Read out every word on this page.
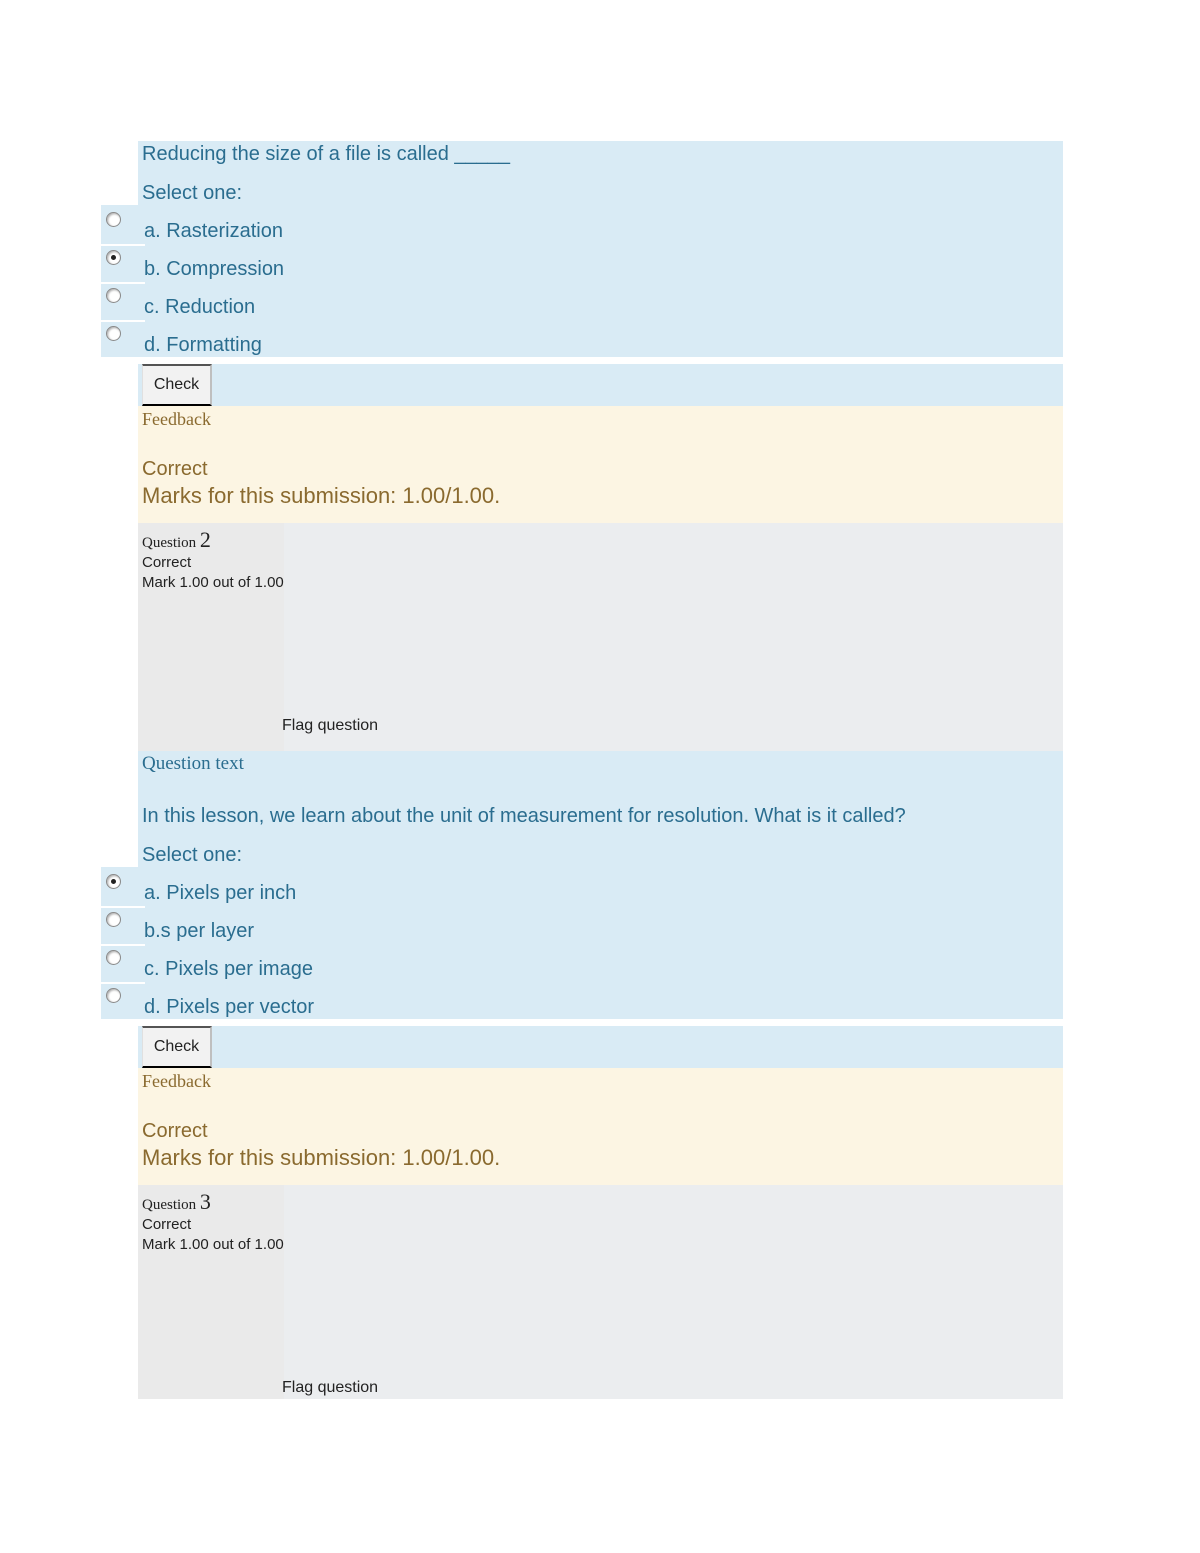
Reducing the size of a file is called _____
Select one:
a. Rasterization
b. Compression
c. Reduction
d. Formatting
Check
Feedback
Correct
Marks for this submission: 1.00/1.00.
Question 2
Correct
Mark 1.00 out of 1.00
Flag question
Question text
In this lesson, we learn about the unit of measurement for resolution. What is it called?
Select one:
a. Pixels per inch
b.s per layer
c. Pixels per image
d. Pixels per vector
Check
Feedback
Correct
Marks for this submission: 1.00/1.00.
Question 3
Correct
Mark 1.00 out of 1.00
Flag question
